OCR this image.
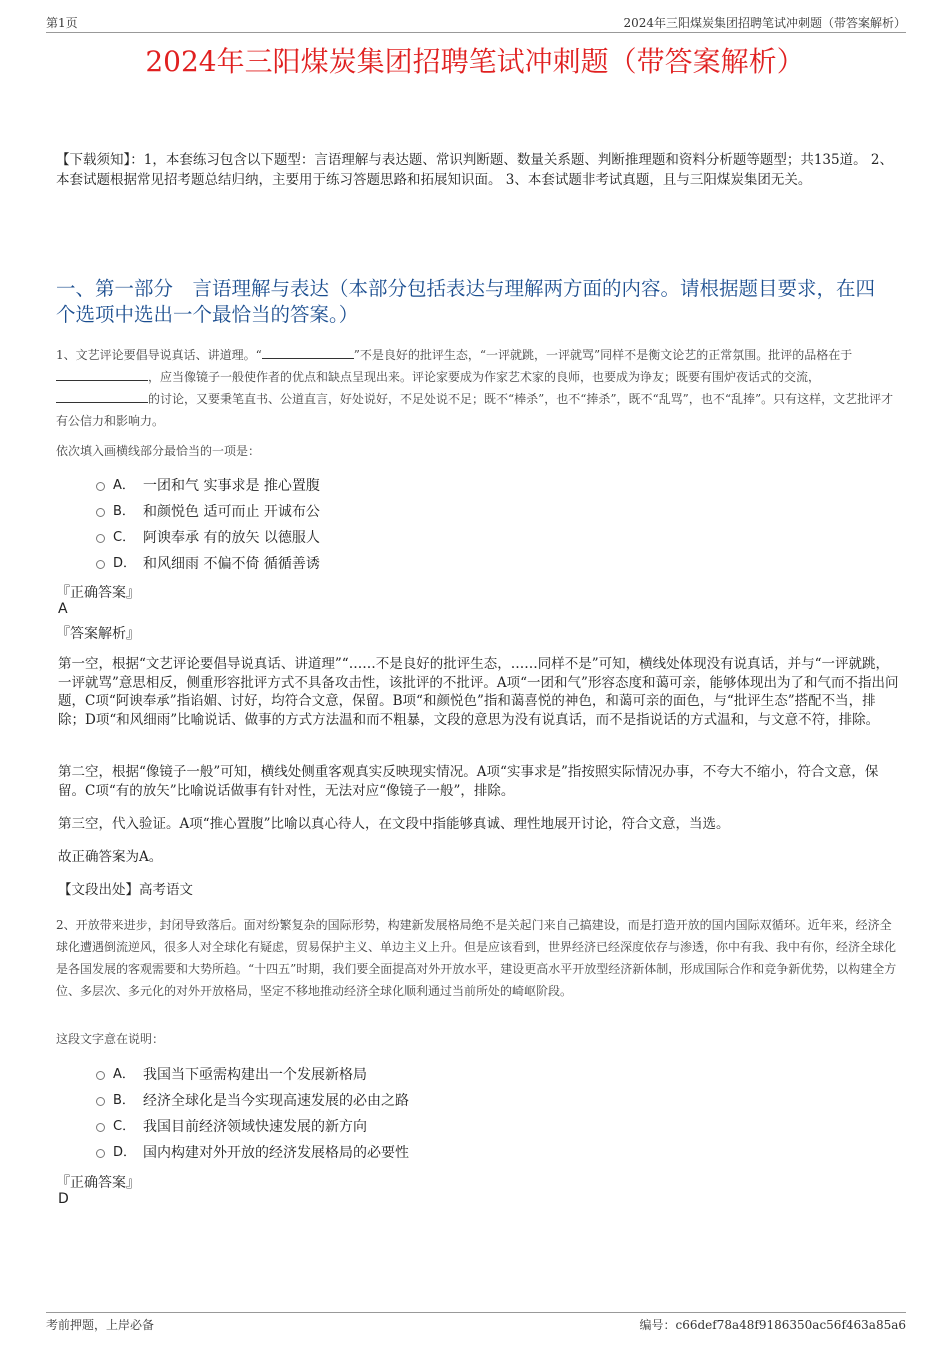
第1页	2024年三阳煤炭集团招聘笔试冲刺题（带答案解析）
2024年三阳煤炭集团招聘笔试冲刺题（带答案解析）
【下载须知】：1，本套练习包含以下题型：言语理解与表达题、常识判断题、数量关系题、判断推理题和资料分析题等题型；共135道。 2、本套试题根据常见招考题总结归纳，主要用于练习答题思路和拓展知识面。 3、本套试题非考试真题，且与三阳煤炭集团无关。
一、第一部分　言语理解与表达（本部分包括表达与理解两方面的内容。请根据题目要求，在四个选项中选出一个最恰当的答案。）
1、文艺评论要倡导说真话、讲道理。“	”不是良好的批评生态，“一评就跳，一评就骂”同样不是衡文论艺的正常氛围。批评的品格在于，应当像镜子一般使作者的优点和缺点呈现出来。评论家要成为作家艺术家的良师，也要成为诤友；既要有围炉夜话式的交流，的讨论，又要秉笔直书、公道直言，好处说好，不足处说不足；既不“棒杀”，也不“捧杀”，既不“乱骂”，也不“乱捧”。只有这样，文艺批评才有公信力和影响力。
依次填入画横线部分最恰当的一项是：
A． 一团和气 实事求是 推心置腹
B． 和颜悦色 适可而止 开诚布公
C． 阿谀奉承 有的放矢 以德服人
D． 和风细雨 不偏不倚 循循善诱
『正确答案』
A
『答案解析』
第一空，根据“文艺评论要倡导说真话、讲道理”“……不是良好的批评生态，……同样不是”可知，横线处体现没有说真话，并与“一评就跳，一评就骂”意思相反，侧重形容批评方式不具备攻击性，该批评的不批评。A项“一团和气”形容态度和蔼可亲，能够体现出为了和气而不指出问题，C项“阿谀奉承”指谄媚、讨好，均符合文意，保留。B项“和颜悦色”指和蔼喜悦的神色，和蔼可亲的面色，与“批评生态”搭配不当，排除；D项“和风细雨”比喻说话、做事的方式方法温和而不粗暴，文段的意思为没有说真话，而不是指说话的方式温和，与文意不符，排除。
第二空，根据“像镜子一般”可知，横线处侧重客观真实反映现实情况。A项“实事求是”指按照实际情况办事，不夸大不缩小，符合文意，保留。C项“有的放矢”比喻说话做事有针对性，无法对应“像镜子一般”，排除。
第三空，代入验证。A项“推心置腹”比喻以真心待人，在文段中指能够真诚、理性地展开讨论，符合文意，当选。
故正确答案为A。
【文段出处】高考语文
2、开放带来进步，封闭导致落后。面对纷繁复杂的国际形势，构建新发展格局绝不是关起门来自己搞建设，而是打造开放的国内国际双循环。近年来，经济全球化遭遇倒流逆风，很多人对全球化有疑虑，贸易保护主义、单边主义上升。但是应该看到，世界经济已经深度依存与渗透，你中有我、我中有你，经济全球化是各国发展的客观需要和大势所趋。“十四五”时期，我们要全面提高对外开放水平，建设更高水平开放型经济新体制，形成国际合作和竞争新优势，以构建全方位、多层次、多元化的对外开放格局，坚定不移地推动经济全球化顺利通过当前所处的崎岖阶段。
这段文字意在说明：
A． 我国当下亟需构建出一个发展新格局
B． 经济全球化是当今实现高速发展的必由之路
C． 我国目前经济领域快速发展的新方向
D． 国内构建对外开放的经济发展格局的必要性
『正确答案』
D
考前押题，上岸必备	编号：c66def78a48f9186350ac56f463a85a6
